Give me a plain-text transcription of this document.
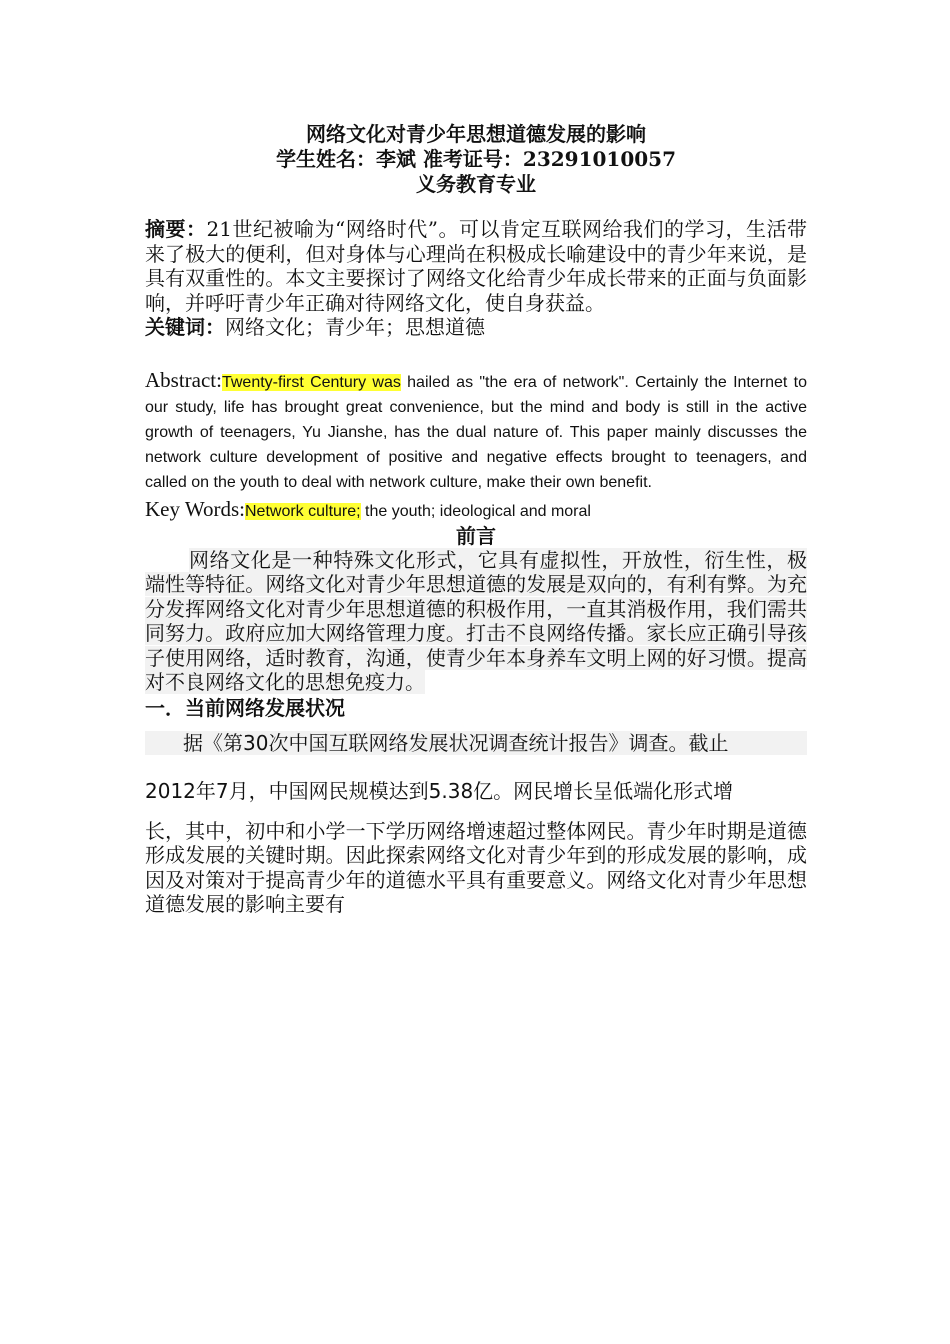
网络文化对青少年思想道德发展的影响
学生姓名：李斌 准考证号：23291010057
义务教育专业

摘要：21世纪被喻为“网络时代”。可以肯定互联网给我们的学习，生活带来了极大的便利，但对身体与心理尚在积极成长喻建设中的青少年来说，是具有双重性的。本文主要探讨了网络文化给青少年成长带来的正面与负面影响，并呼吁青少年正确对待网络文化，使自身获益。

关键词：网络文化；青少年；思想道德

Abstract:Twenty-first Century was hailed as "the era of network". Certainly the Internet to our study, life has brought great convenience, but the mind and body is still in the active growth of teenagers, Yu Jianshe, has the dual nature of. This paper mainly discusses the network culture development of positive and negative effects brought to teenagers, and called on the youth to deal with network culture, make their own benefit.

Key Words:Network culture; the youth; ideological and moral

前言

网络文化是一种特殊文化形式，它具有虚拟性，开放性，衍生性，极端性等特征。网络文化对青少年思想道德的发展是双向的，有利有弊。为充分发挥网络文化对青少年思想道德的积极作用，一直其消极作用，我们需共同努力。政府应加大网络管理力度。打击不良网络传播。家长应正确引导孩子使用网络，适时教育，沟通，使青少年本身养车文明上网的好习惯。提高对不良网络文化的思想免疫力。

一．当前网络发展状况

据《第30次中国互联网络发展状况调查统计报告》调查。截止

2012年7月，中国网民规模达到5.38亿。网民增长呈低端化形式增

长，其中，初中和小学一下学历网络增速超过整体网民。青少年时期是道德形成发展的关键时期。因此探索网络文化对青少年到的形成发展的影响，成因及对策对于提高青少年的道德水平具有重要意义。网络文化对青少年思想道德发展的影响主要有
